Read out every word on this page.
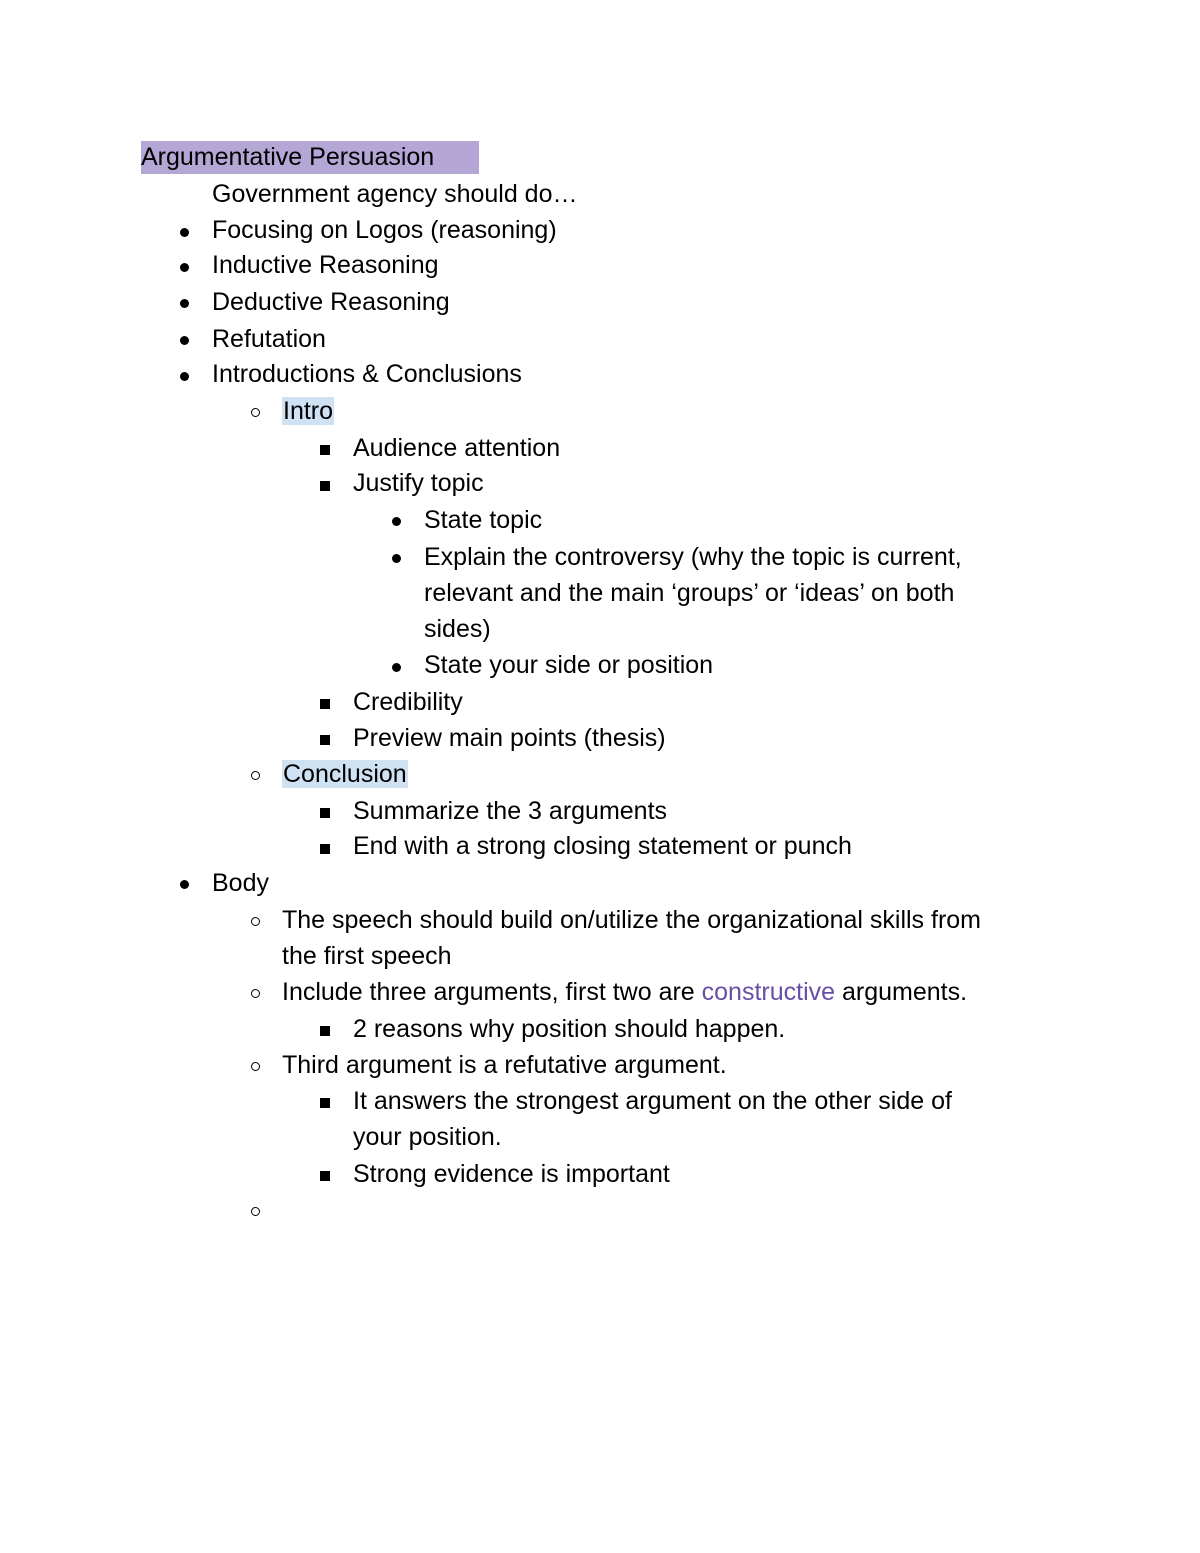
Argumentative Persuasion
Government agency should do…
Focusing on Logos (reasoning)
Inductive Reasoning
Deductive Reasoning
Refutation
Introductions & Conclusions
Intro
Audience attention
Justify topic
State topic
Explain the controversy (why the topic is current,
relevant and the main ‘groups’ or ‘ideas’ on both
sides)
State your side or position
Credibility
Preview main points (thesis)
Conclusion
Summarize the 3 arguments
End with a strong closing statement or punch
Body
The speech should build on/utilize the organizational skills from
the first speech
Include three arguments, first two are constructive arguments.
2 reasons why position should happen.
Third argument is a refutative argument.
It answers the strongest argument on the other side of
your position.
Strong evidence is important
